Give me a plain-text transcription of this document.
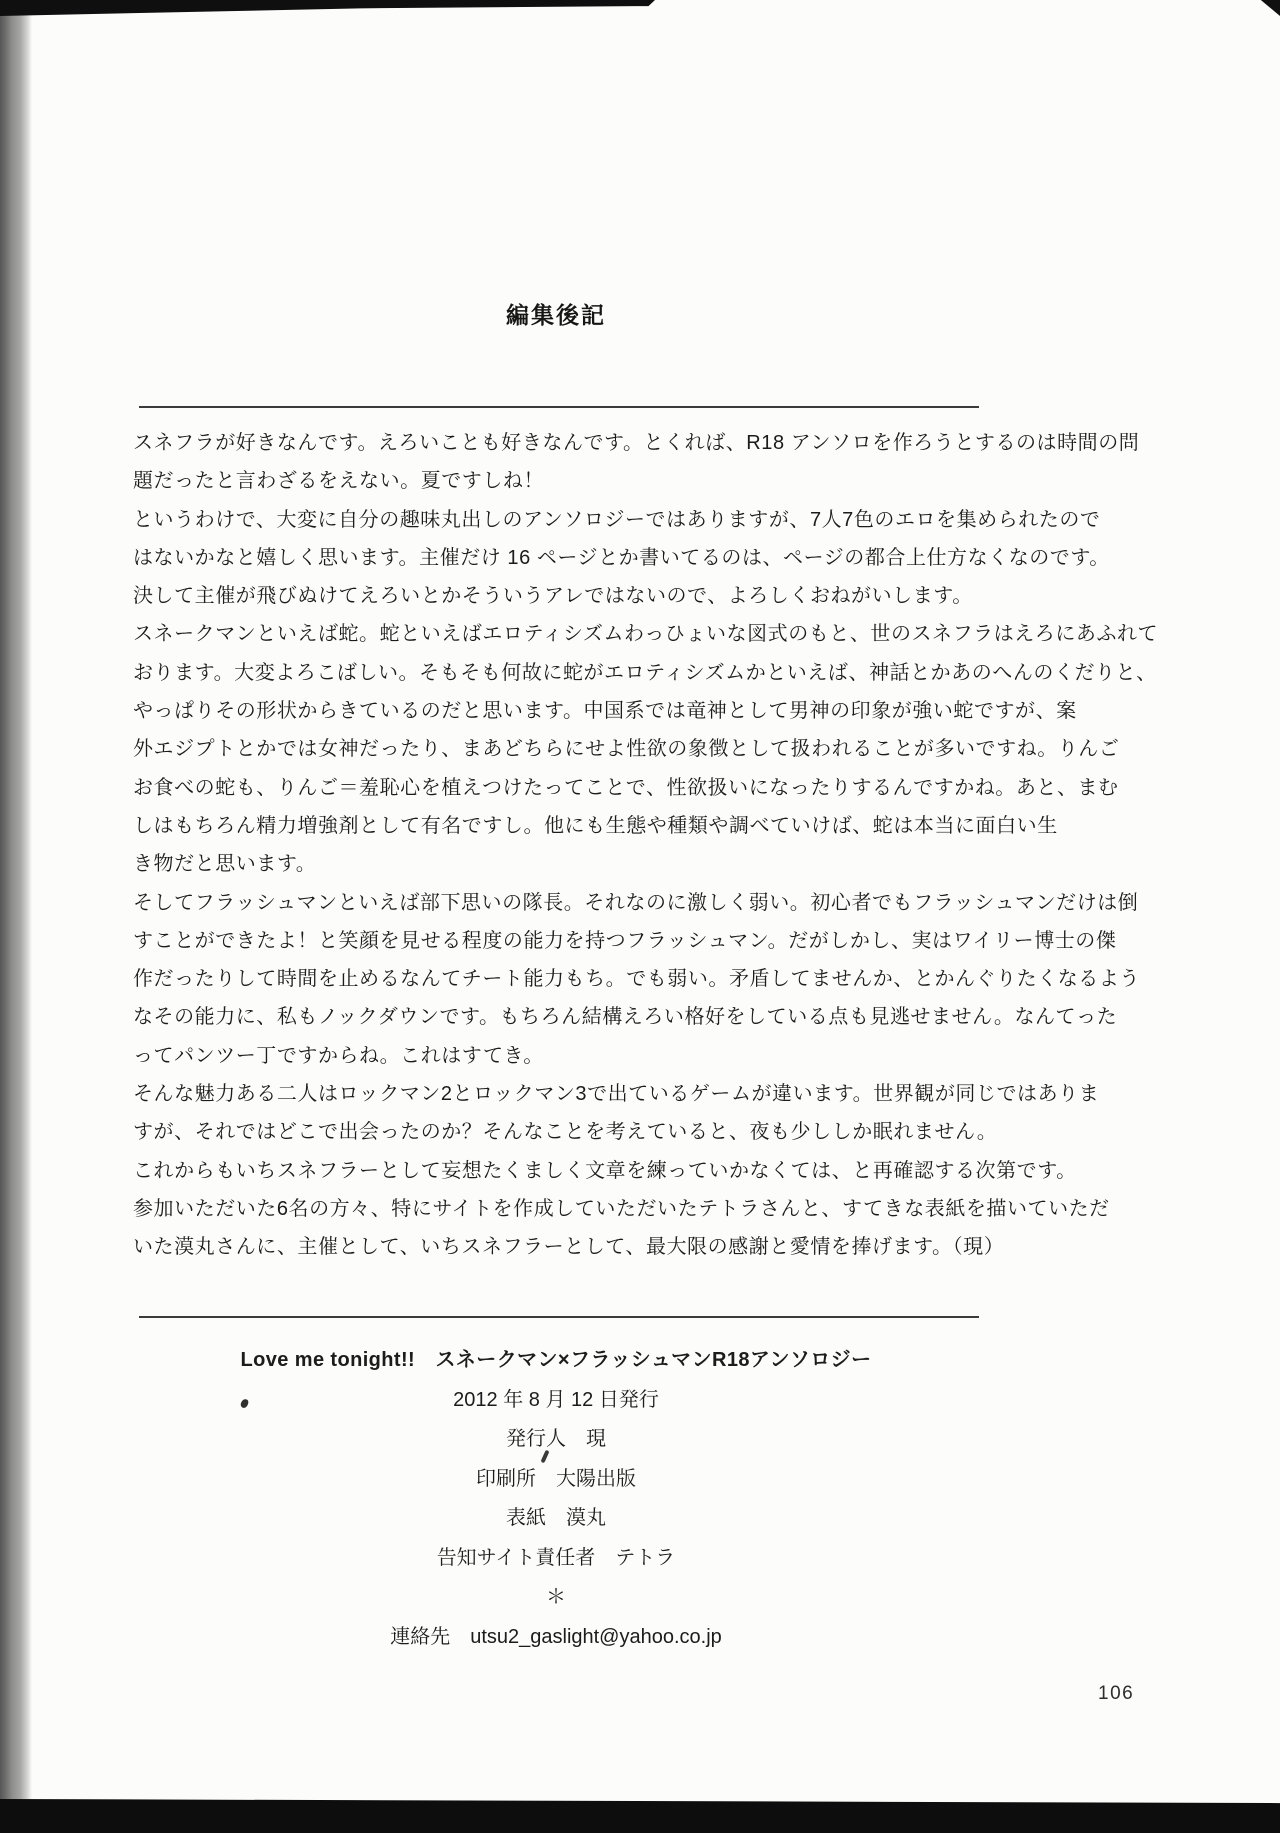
編集後記
スネフラが好きなんです。えろいことも好きなんです。とくれば、R18 アンソロを作ろうとするのは時間の問
題だったと言わざるをえない。夏ですしね！
というわけで、大変に自分の趣味丸出しのアンソロジーではありますが、7人7色のエロを集められたので
はないかなと嬉しく思います。主催だけ 16 ページとか書いてるのは、ページの都合上仕方なくなのです。
決して主催が飛びぬけてえろいとかそういうアレではないので、よろしくおねがいします。
スネークマンといえば蛇。蛇といえばエロティシズムわっひょいな図式のもと、世のスネフラはえろにあふれて
おります。大変よろこばしい。そもそも何故に蛇がエロティシズムかといえば、神話とかあのへんのくだりと、
やっぱりその形状からきているのだと思います。中国系では竜神として男神の印象が強い蛇ですが、案
外エジプトとかでは女神だったり、まあどちらにせよ性欲の象徴として扱われることが多いですね。りんご
お食べの蛇も、りんご＝羞恥心を植えつけたってことで、性欲扱いになったりするんですかね。あと、まむ
しはもちろん精力増強剤として有名ですし。他にも生態や種類や調べていけば、蛇は本当に面白い生
き物だと思います。
そしてフラッシュマンといえば部下思いの隊長。それなのに激しく弱い。初心者でもフラッシュマンだけは倒
すことができたよ！と笑顔を見せる程度の能力を持つフラッシュマン。だがしかし、実はワイリー博士の傑
作だったりして時間を止めるなんてチート能力もち。でも弱い。矛盾してませんか、とかんぐりたくなるよう
なその能力に、私もノックダウンです。もちろん結構えろい格好をしている点も見逃せません。なんてった
ってパンツー丁ですからね。これはすてき。
そんな魅力ある二人はロックマン2とロックマン3で出ているゲームが違います。世界観が同じではありま
すが、それではどこで出会ったのか？そんなことを考えていると、夜も少ししか眠れません。
これからもいちスネフラーとして妄想たくましく文章を練っていかなくては、と再確認する次第です。
参加いただいた6名の方々、特にサイトを作成していただいたテトラさんと、すてきな表紙を描いていただ
いた漠丸さんに、主催として、いちスネフラーとして、最大限の感謝と愛情を捧げます。（現）
Love me tonight!!　スネークマン×フラッシュマンR18アンソロジー
2012 年 8 月 12 日発行
発行人　現
印刷所　大陽出版
表紙　漠丸
告知サイト責任者　テトラ
＊
連絡先　utsu2_gaslight@yahoo.co.jp
106
